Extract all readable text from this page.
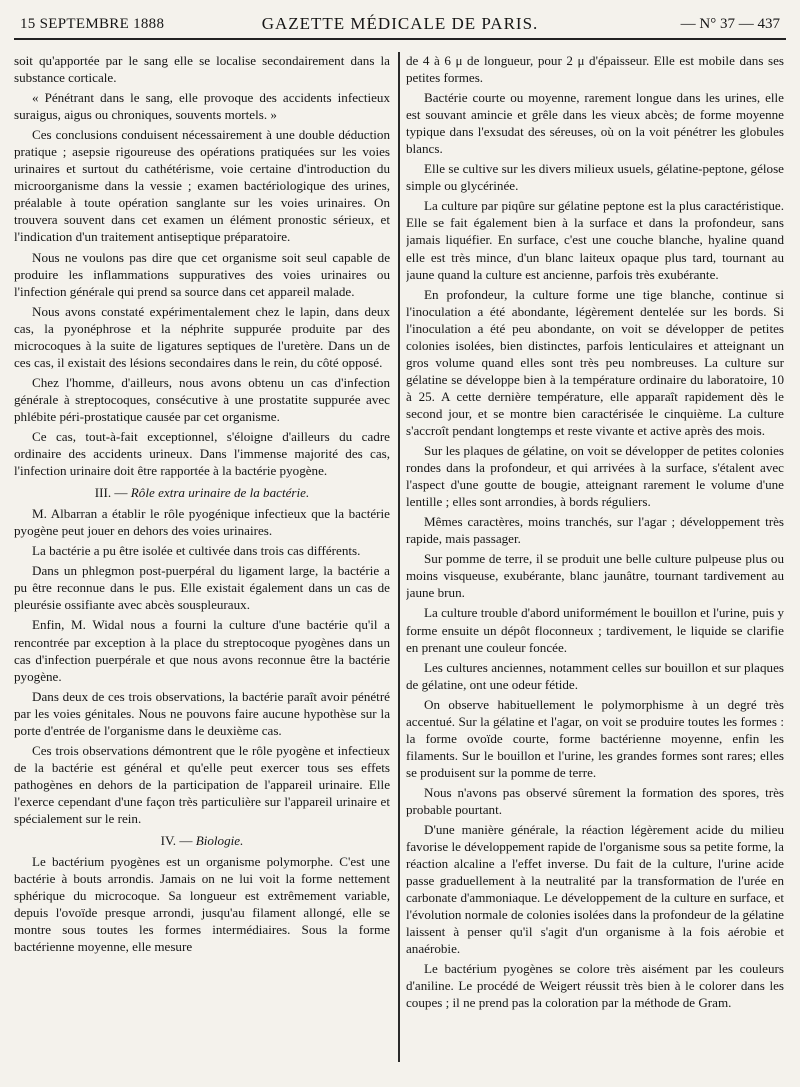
15 SEPTEMBRE 1888	GAZETTE MÉDICALE DE PARIS.	— N° 37 — 437

soit qu'apportée par le sang elle se localise secondairement dans la substance corticale.

« Pénétrant dans le sang, elle provoque des accidents infectieux suraigus, aigus ou chroniques, souvents mortels. »

Ces conclusions conduisent nécessairement à une double déduction pratique ; asepsie rigoureuse des opérations pratiquées sur les voies urinaires et surtout du cathétérisme, voie certaine d'introduction du microorganisme dans la vessie ; examen bactériologique des urines, préalable à toute opération sanglante sur les voies urinaires. On trouvera souvent dans cet examen un élément pronostic sérieux, et l'indication d'un traitement antiseptique préparatoire.

Nous ne voulons pas dire que cet organisme soit seul capable de produire les inflammations suppuratives des voies urinaires ou l'infection générale qui prend sa source dans cet appareil malade.

Nous avons constaté expérimentalement chez le lapin, dans deux cas, la pyonéphrose et la néphrite suppurée produite par des microcoques à la suite de ligatures septiques de l'uretère. Dans un de ces cas, il existait des lésions secondaires dans le rein, du côté opposé.

Chez l'homme, d'ailleurs, nous avons obtenu un cas d'infection générale à streptocoques, consécutive à une prostatite suppurée avec phlébite péri-prostatique causée par cet organisme.

Ce cas, tout-à-fait exceptionnel, s'éloigne d'ailleurs du cadre ordinaire des accidents urineux. Dans l'immense majorité des cas, l'infection urinaire doit être rapportée à la bactérie pyogène.

III. — Rôle extra urinaire de la bactérie.

M. Albarran a établir le rôle pyogénique infectieux que la bactérie pyogène peut jouer en dehors des voies urinaires.

La bactérie a pu être isolée et cultivée dans trois cas différents.

Dans un phlegmon post-puerpéral du ligament large, la bactérie a pu être reconnue dans le pus. Elle existait également dans un cas de pleurésie ossifiante avec abcès souspleuraux.

Enfin, M. Widal nous a fourni la culture d'une bactérie qu'il a rencontrée par exception à la place du streptocoque pyogènes dans un cas d'infection puerpérale et que nous avons reconnue être la bactérie pyogène.

Dans deux de ces trois observations, la bactérie paraît avoir pénétré par les voies génitales. Nous ne pouvons faire aucune hypothèse sur la porte d'entrée de l'organisme dans le deuxième cas.

Ces trois observations démontrent que le rôle pyogène et infectieux de la bactérie est général et qu'elle peut exercer tous ses effets pathogènes en dehors de la participation de l'appareil urinaire. Elle l'exerce cependant d'une façon très particulière sur l'appareil urinaire et spécialement sur le rein.

IV. — Biologie.

Le bactérium pyogènes est un organisme polymorphe. C'est une bactérie à bouts arrondis. Jamais on ne lui voit la forme nettement sphérique du microcoque. Sa longueur est extrêmement variable, depuis l'ovoïde presque arrondi, jusqu'au filament allongé, elle se montre sous toutes les formes intermédiaires. Sous la forme bactérienne moyenne, elle mesure

de 4 à 6 μ de longueur, pour 2 μ d'épaisseur. Elle est mobile dans ses petites formes.

Bactérie courte ou moyenne, rarement longue dans les urines, elle est souvant amincie et grêle dans les vieux abcès; de forme moyenne typique dans l'exsudat des séreuses, où on la voit pénétrer les globules blancs.

Elle se cultive sur les divers milieux usuels, gélatine-peptone, gélose simple ou glycérinée.

La culture par piqûre sur gélatine peptone est la plus caractéristique. Elle se fait également bien à la surface et dans la profondeur, sans jamais liquéfier. En surface, c'est une couche blanche, hyaline quand elle est très mince, d'un blanc laiteux opaque plus tard, tournant au jaune quand la culture est ancienne, parfois très exubérante.

En profondeur, la culture forme une tige blanche, continue si l'inoculation a été abondante, légèrement dentelée sur les bords. Si l'inoculation a été peu abondante, on voit se développer de petites colonies isolées, bien distinctes, parfois lenticulaires et atteignant un gros volume quand elles sont très peu nombreuses. La culture sur gélatine se développe bien à la température ordinaire du laboratoire, 10 à 25. A cette dernière température, elle apparaît rapidement dès le second jour, et se montre bien caractérisée le cinquième. La culture s'accroît pendant longtemps et reste vivante et active après des mois.

Sur les plaques de gélatine, on voit se développer de petites colonies rondes dans la profondeur, et qui arrivées à la surface, s'étalent avec l'aspect d'une goutte de bougie, atteignant rarement le volume d'une lentille ; elles sont arrondies, à bords réguliers.

Mêmes caractères, moins tranchés, sur l'agar ; développement très rapide, mais passager.

Sur pomme de terre, il se produit une belle culture pulpeuse plus ou moins visqueuse, exubérante, blanc jaunâtre, tournant tardivement au jaune brun.

La culture trouble d'abord uniformément le bouillon et l'urine, puis y forme ensuite un dépôt floconneux ; tardivement, le liquide se clarifie en prenant une couleur foncée.

Les cultures anciennes, notamment celles sur bouillon et sur plaques de gélatine, ont une odeur fétide.

On observe habituellement le polymorphisme à un degré très accentué. Sur la gélatine et l'agar, on voit se produire toutes les formes : la forme ovoïde courte, forme bactérienne moyenne, enfin les filaments. Sur le bouillon et l'urine, les grandes formes sont rares; elles se produisent sur la pomme de terre.

Nous n'avons pas observé sûrement la formation des spores, très probable pourtant.

D'une manière générale, la réaction légèrement acide du milieu favorise le développement rapide de l'organisme sous sa petite forme, la réaction alcaline a l'effet inverse. Du fait de la culture, l'urine acide passe graduellement à la neutralité par la transformation de l'urée en carbonate d'ammoniaque. Le développement de la culture en surface, et l'évolution normale de colonies isolées dans la profondeur de la gélatine laissent à penser qu'il s'agit d'un organisme à la fois aérobie et anaérobie.

Le bactérium pyogènes se colore très aisément par les couleurs d'aniline. Le procédé de Weigert réussit très bien à le colorer dans les coupes ; il ne prend pas la coloration par la méthode de Gram.
